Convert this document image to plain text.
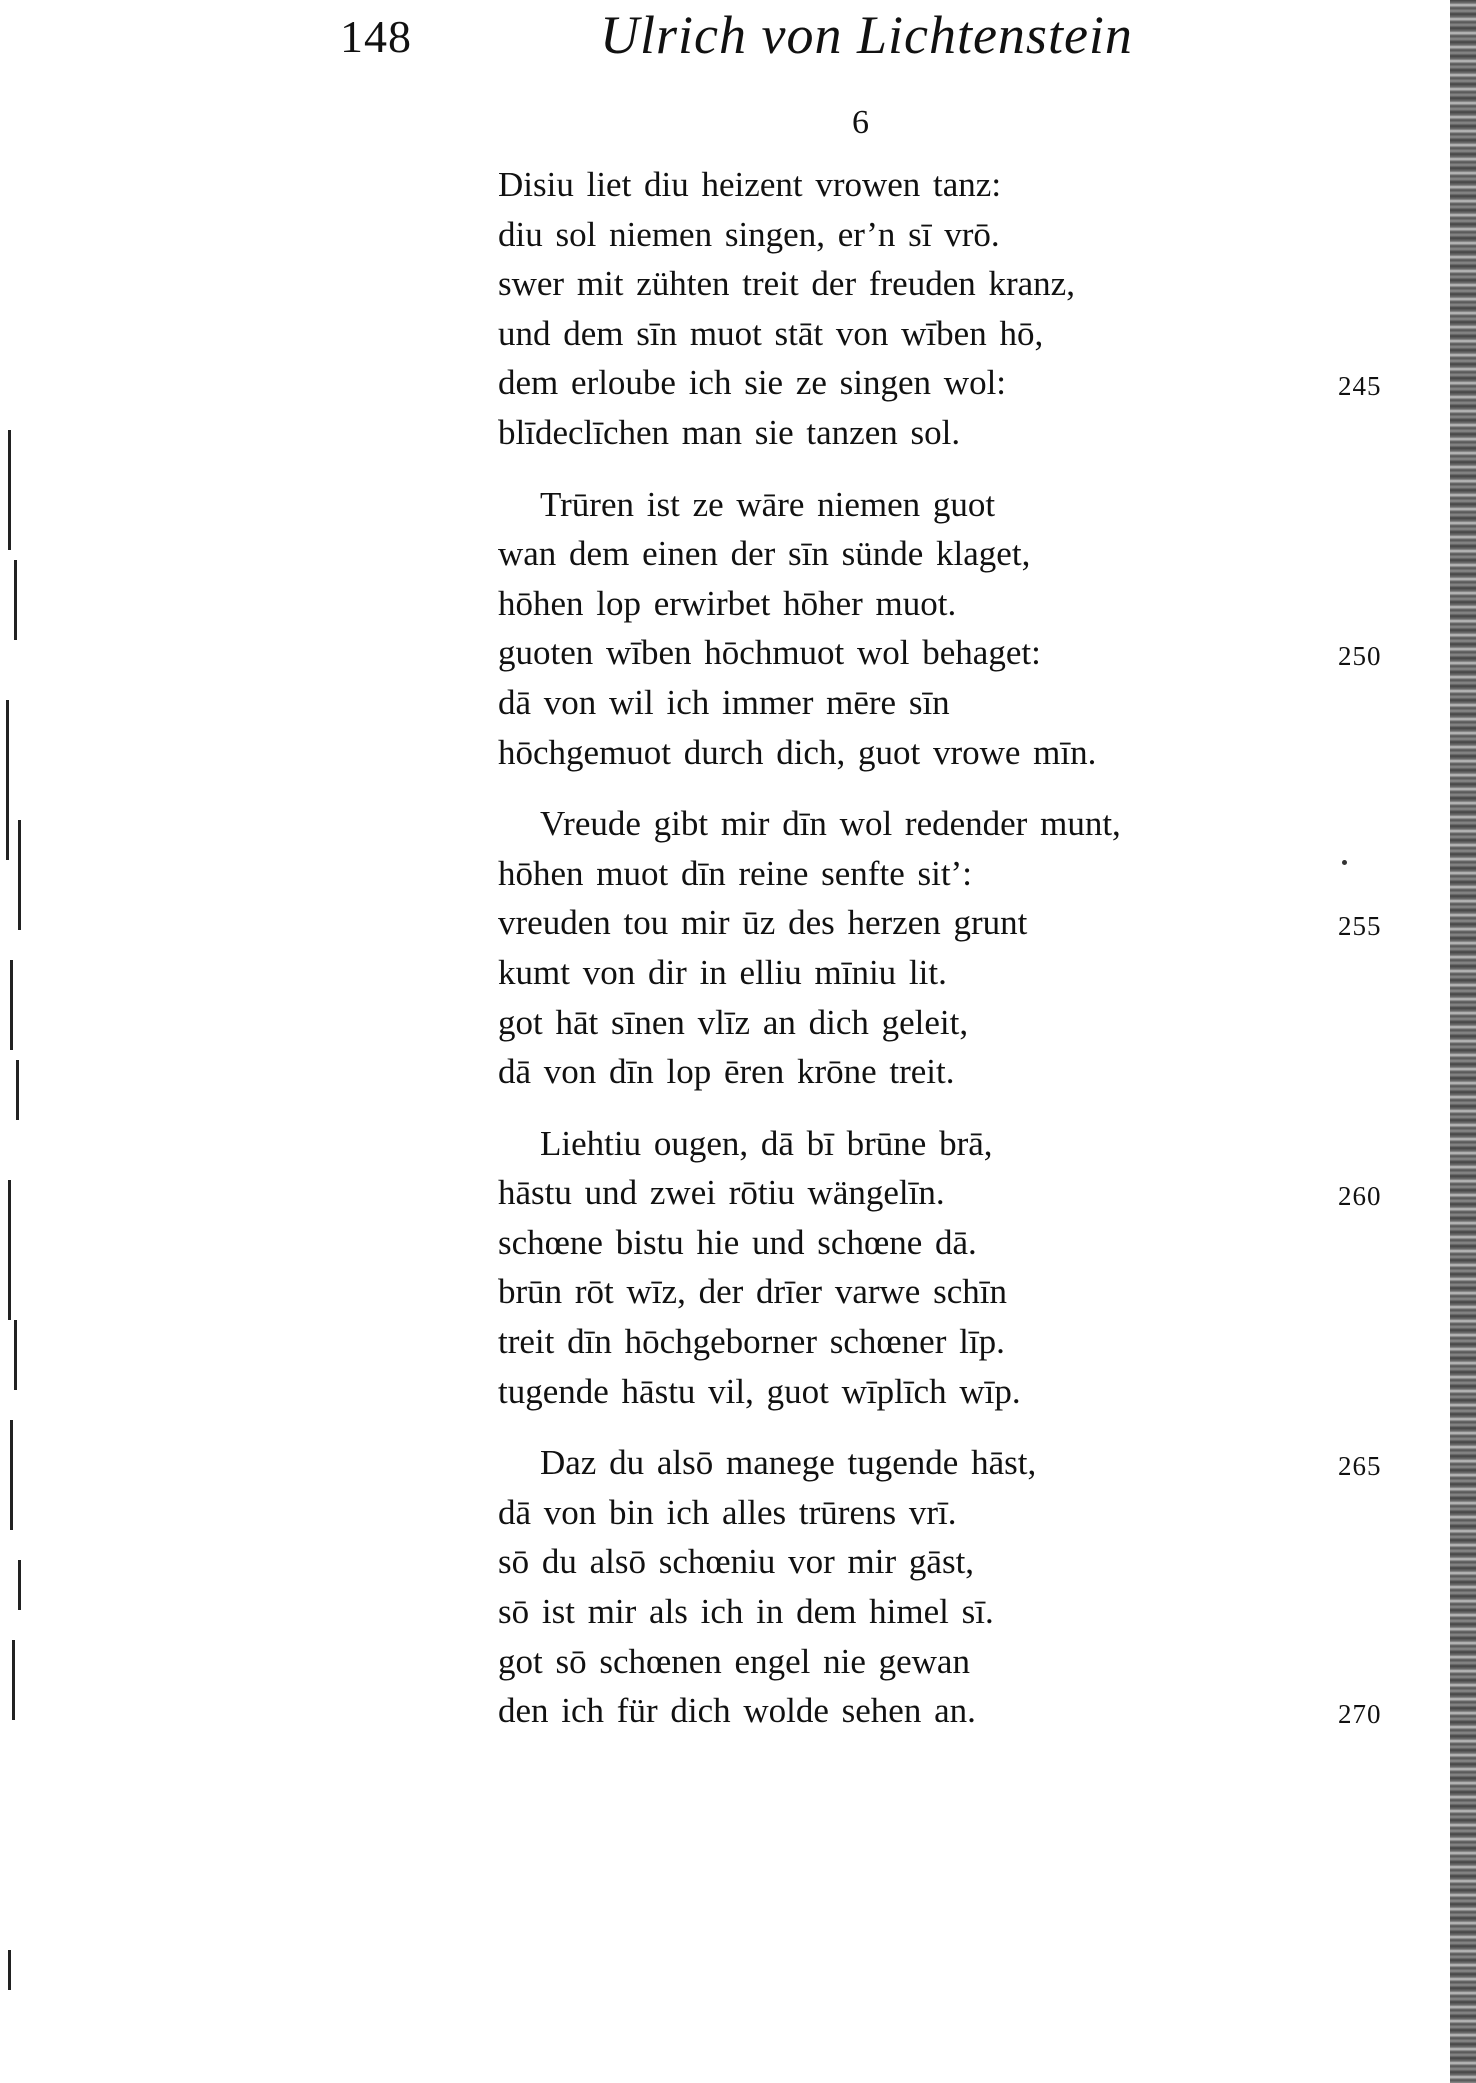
148	Ulrich von Lichtenstein
6
Disiu liet diu heizent vrowen tanz:
diu sol niemen singen, er’n sī vrō.
swer mit zühten treit der freuden kranz,
und dem sīn muot stāt von wīben hō,
dem erloube ich sie ze singen wol:	245
blīdeclīchen man sie tanzen sol.
Trūren ist ze wāre niemen guot
wan dem einen der sīn sünde klaget,
hōhen lop erwirbet hōher muot.
guoten wīben hōchmuot wol behaget:	250
dā von wil ich immer mēre sīn
hōchgemuot durch dich, guot vrowe mīn.
Vreude gibt mir dīn wol redender munt,
hōhen muot dīn reine senfte sit’:
vreuden tou mir ūz des herzen grunt	255
kumt von dir in elliu mīniu lit.
got hāt sīnen vlīz an dich geleit,
dā von dīn lop ēren krōne treit.
Liehtiu ougen, dā bī brūne brā,
hāstu und zwei rōtiu wängelīn.	260
schœne bistu hie und schœne dā.
brūn rōt wīz, der drīer varwe schīn
treit dīn hōchgeborner schœner līp.
tugende hāstu vil, guot wīplīch wīp.
Daz du alsō manege tugende hāst,	265
dā von bin ich alles trūrens vrī.
sō du alsō schœniu vor mir gāst,
sō ist mir als ich in dem himel sī.
got sō schœnen engel nie gewan
den ich für dich wolde sehen an.	270
